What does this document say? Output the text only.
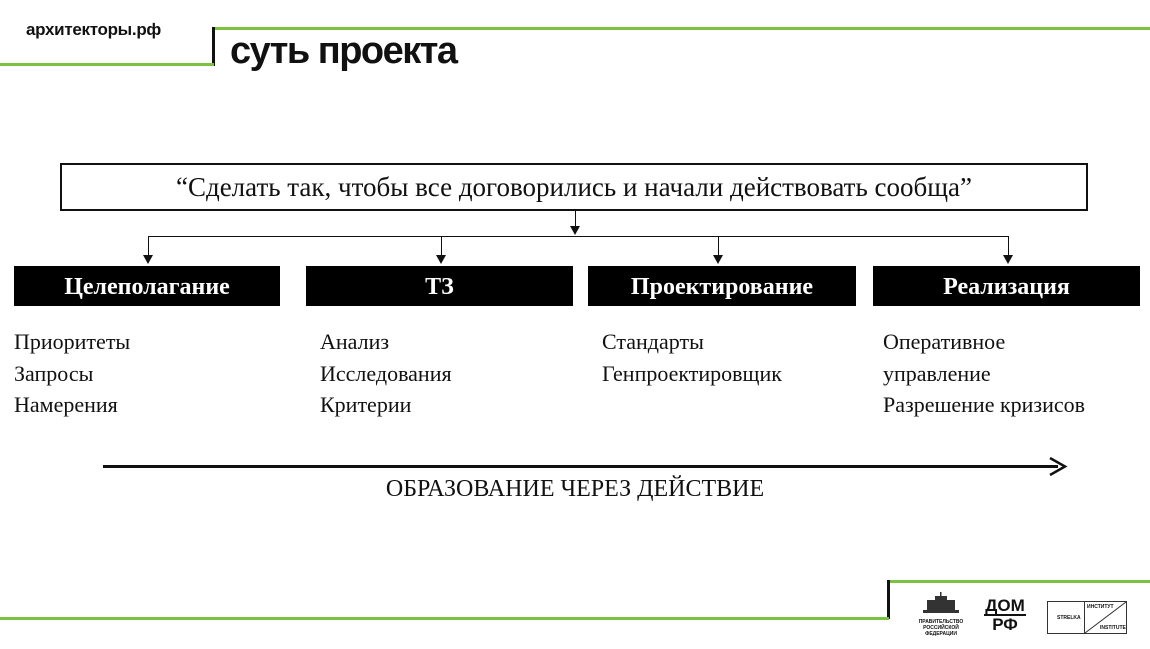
архитекторы.рф
суть проекта
“Сделать так, чтобы все договорились и начали действовать сообща”
Целеполагание	ТЗ	Проектирование	Реализация
Приоритеты
Запросы
Намерения
Анализ
Исследования
Критерии
Стандарты
Генпроектировщик
Оперативное
управление
Разрешение кризисов
ОБРАЗОВАНИЕ ЧЕРЕЗ ДЕЙСТВИЕ
ПРАВИТЕЛЬСТВО РОССИЙСКОЙ ФЕДЕРАЦИИ
ДОМ
РФ	STRELKA
ИНСТИТУТ
INSTITUTE
